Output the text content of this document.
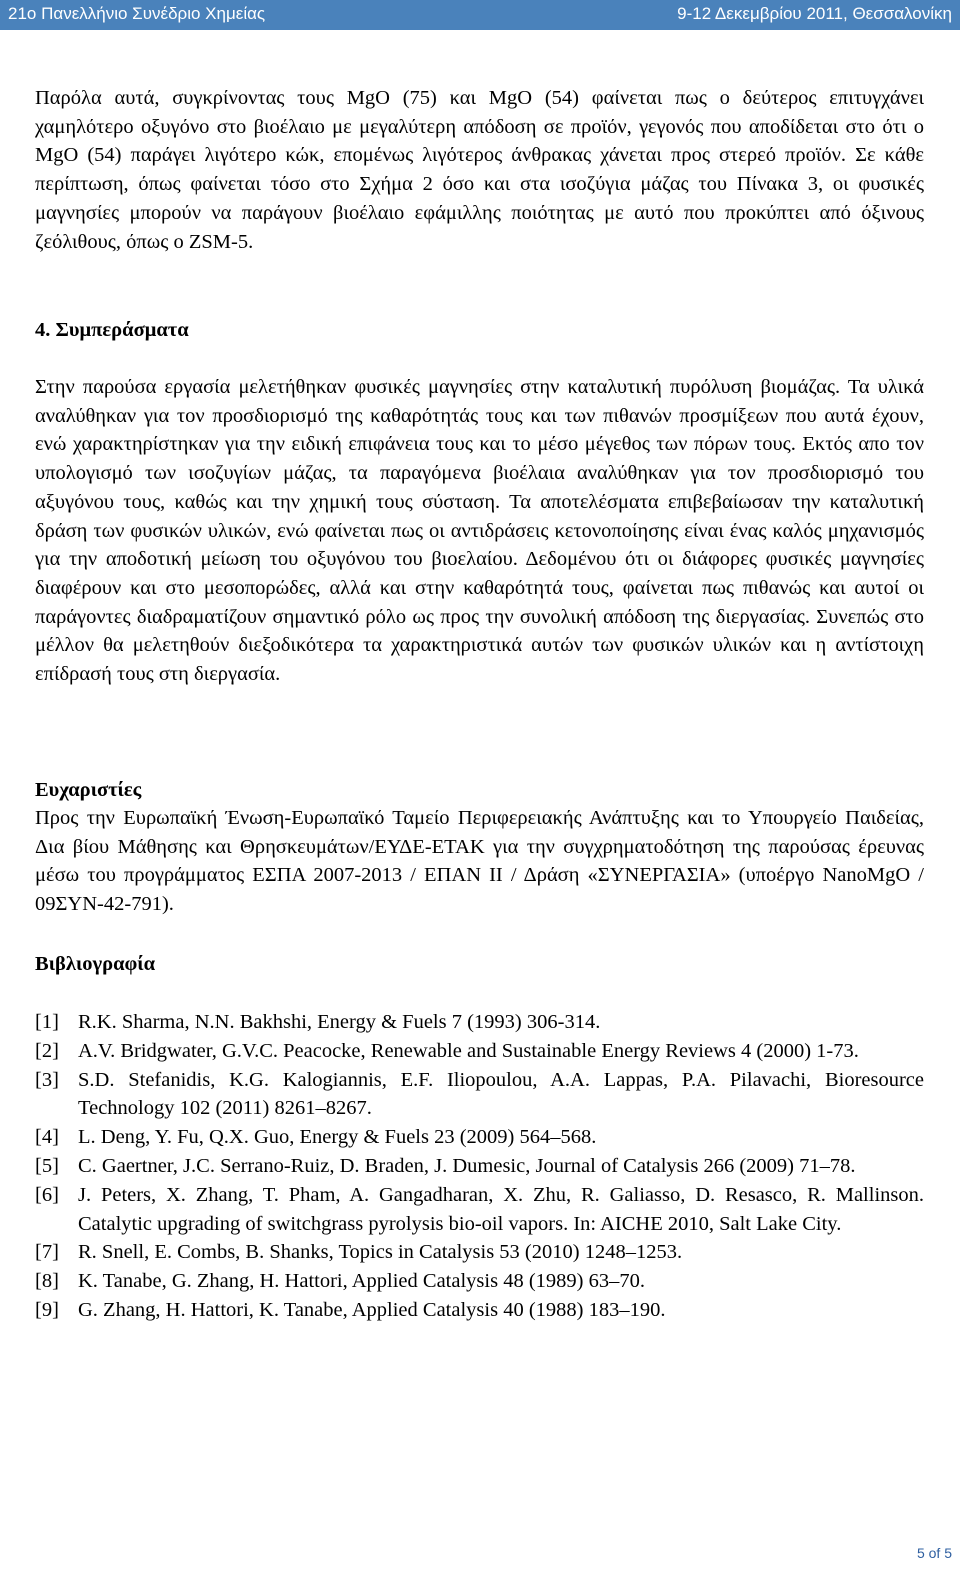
21ο Πανελλήνιο Συνέδριο Χημείας	9-12 Δεκεμβρίου 2011, Θεσσαλονίκη

Παρόλα αυτά, συγκρίνοντας τους MgO (75) και MgO (54) φαίνεται πως ο δεύτερος επιτυγχάνει χαμηλότερο οξυγόνο στο βιοέλαιο με μεγαλύτερη απόδοση σε προϊόν, γεγονός που αποδίδεται στο ότι ο MgO (54) παράγει λιγότερο κώκ, επομένως λιγότερος άνθρακας χάνεται προς στερεό προϊόν. Σε κάθε περίπτωση, όπως φαίνεται τόσο στο Σχήμα 2 όσο και στα ισοζύγια μάζας του Πίνακα 3, οι φυσικές μαγνησίες μπορούν να παράγουν βιοέλαιο εφάμιλλης ποιότητας με αυτό που προκύπτει από όξινους ζεόλιθους, όπως ο ZSM-5.

4. Συμπεράσματα

Στην παρούσα εργασία μελετήθηκαν φυσικές μαγνησίες στην καταλυτική πυρόλυση βιομάζας. Τα υλικά αναλύθηκαν για τον προσδιορισμό της καθαρότητάς τους και των πιθανών προσμίξεων που αυτά έχουν, ενώ χαρακτηρίστηκαν για την ειδική επιφάνεια τους και το μέσο μέγεθος των πόρων τους. Εκτός απο τον υπολογισμό των ισοζυγίων μάζας, τα παραγόμενα βιοέλαια αναλύθηκαν για τον προσδιορισμό του αξυγόνου τους, καθώς και την χημική τους σύσταση. Τα αποτελέσματα επιβεβαίωσαν την καταλυτική δράση των φυσικών υλικών, ενώ φαίνεται πως οι αντιδράσεις κετονοποίησης είναι ένας καλός μηχανισμός για την αποδοτική μείωση του οξυγόνου του βιοελαίου. Δεδομένου ότι οι διάφορες φυσικές μαγνησίες διαφέρουν και στο μεσοπορώδες, αλλά και στην καθαρότητά τους, φαίνεται πως πιθανώς και αυτοί οι παράγοντες διαδραματίζουν σημαντικό ρόλο ως προς την συνολική απόδοση της διεργασίας. Συνεπώς στο μέλλον θα μελετηθούν διεξοδικότερα τα χαρακτηριστικά αυτών των φυσικών υλικών και η αντίστοιχη επίδρασή τους στη διεργασία.

Ευχαριστίες

Προς την Ευρωπαϊκή Ένωση-Ευρωπαϊκό Ταμείο Περιφερειακής Ανάπτυξης και το Υπουργείο Παιδείας, Δια βίου Μάθησης και Θρησκευμάτων/ΕΥΔΕ-ΕΤΑΚ για την συγχρηματοδότηση της παρούσας έρευνας μέσω του προγράμματος ΕΣΠΑ 2007-2013 / ΕΠΑΝ ΙΙ / Δράση «ΣΥΝΕΡΓΑΣΙΑ» (υποέργο NanoMgO / 09ΣΥΝ-42-791).

Βιβλιογραφία
[1] R.K. Sharma, N.N. Bakhshi, Energy & Fuels 7 (1993) 306-314.
[2] A.V. Bridgwater, G.V.C. Peacocke, Renewable and Sustainable Energy Reviews 4 (2000) 1-73.
[3] S.D. Stefanidis, K.G. Kalogiannis, E.F. Iliopoulou, A.A. Lappas, P.A. Pilavachi, Bioresource Technology 102 (2011) 8261–8267.
[4] L. Deng, Y. Fu, Q.X. Guo, Energy & Fuels 23 (2009) 564–568.
[5] C. Gaertner, J.C. Serrano-Ruiz, D. Braden, J. Dumesic, Journal of Catalysis 266 (2009) 71–78.
[6] J. Peters, X. Zhang, T. Pham, A. Gangadharan, X. Zhu, R. Galiasso, D. Resasco, R. Mallinson. Catalytic upgrading of switchgrass pyrolysis bio-oil vapors. In: AICHE 2010, Salt Lake City.
[7] R. Snell, E. Combs, B. Shanks, Topics in Catalysis 53 (2010) 1248–1253.
[8] K. Tanabe, G. Zhang, H. Hattori, Applied Catalysis 48 (1989) 63–70.
[9] G. Zhang, H. Hattori, K. Tanabe, Applied Catalysis 40 (1988) 183–190.
5 of 5
